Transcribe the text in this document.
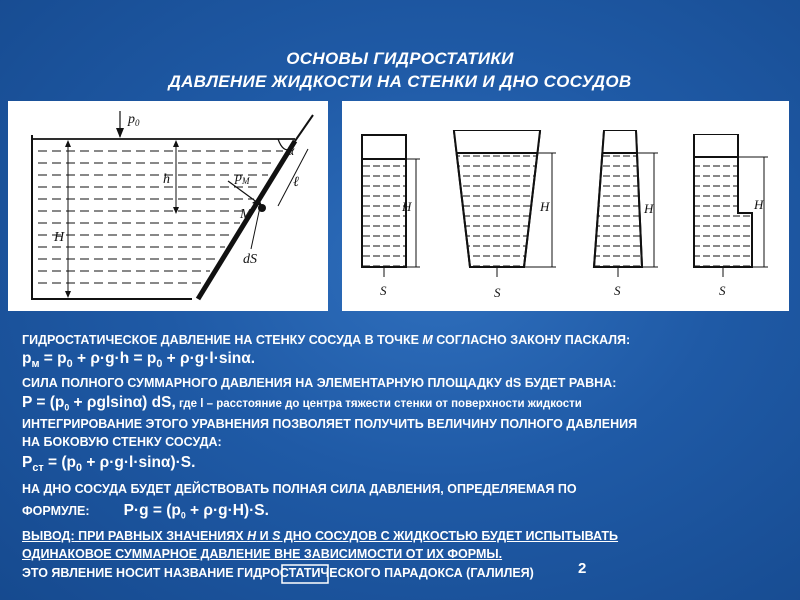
ОСНОВЫ ГИДРОСТАТИКИ
ДАВЛЕНИЕ ЖИДКОСТИ НА СТЕНКИ И ДНО СОСУДОВ
$p_0$
α
$p_M$
M
ℓ
h
H
dS
H	H	H	H
S	S	S	S
ГИДРОСТАТИЧЕСКОЕ ДАВЛЕНИЕ НА СТЕНКУ СОСУДА В ТОЧКЕ М СОГЛАСНО ЗАКОНУ ПАСКАЛЯ:
$p_м = p_0 + \rho\cdot g\cdot h = p_0 + \rho\cdot g\cdot l\cdot\sin\alpha$.
СИЛА ПОЛНОГО СУММАРНОГО ДАВЛЕНИЯ НА ЭЛЕМЕНТАРНУЮ ПЛОЩАДКУ dS БУДЕТ РАВНА:
$P = (p_0 + \rho glsin\alpha)$ dS, где l – расстояние до центра тяжести стенки от поверхности жидкости
ИНТЕГРИРОВАНИЕ ЭТОГО УРАВНЕНИЯ ПОЗВОЛЯЕТ ПОЛУЧИТЬ ВЕЛИЧИНУ ПОЛНОГО ДАВЛЕНИЯ
НА БОКОВУЮ СТЕНКУ СОСУДА:
$P_{ст} = (p_0 + \rho\cdot g\cdot l\cdot\sin\alpha)\cdot S$.
НА ДНО СОСУДА БУДЕТ ДЕЙСТВОВАТЬ ПОЛНАЯ СИЛА ДАВЛЕНИЯ, ОПРЕДЕЛЯЕМАЯ ПО
ФОРМУЛЕ: $P\cdot g = (p_0 + \rho\cdot g\cdot H)\cdot S$.
ВЫВОД: ПРИ РАВНЫХ ЗНАЧЕНИЯХ H И S ДНО СОСУДОВ С ЖИДКОСТЬЮ БУДЕТ ИСПЫТЫВАТЬ
ОДИНАКОВОЕ СУММАРНОЕ ДАВЛЕНИЕ ВНЕ ЗАВИСИМОСТИ ОТ ИХ ФОРМЫ.
ЭТО ЯВЛЕНИЕ НОСИТ НАЗВАНИЕ ГИДРОСТАТИЧЕСКОГО ПАРАДОКСА (ГАЛИЛЕЯ)	2
